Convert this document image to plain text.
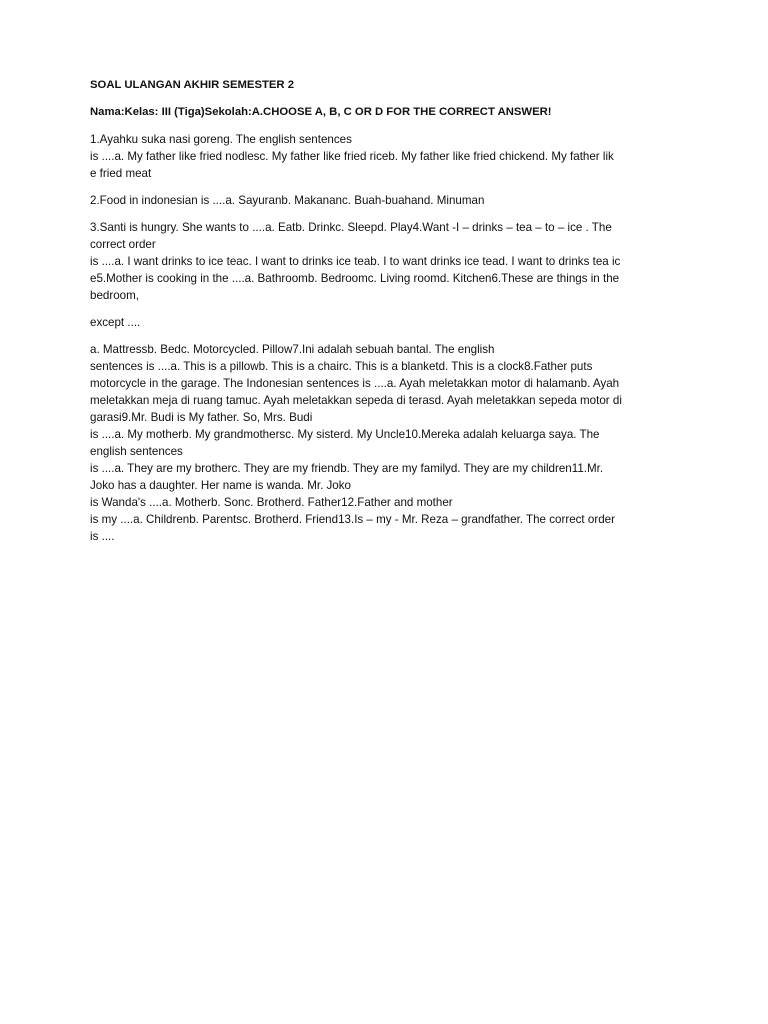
SOAL ULANGAN AKHIR SEMESTER 2
Nama:Kelas: III (Tiga)Sekolah:A.CHOOSE A, B, C OR D FOR THE CORRECT ANSWER!
1.Ayahku suka nasi goreng. The english sentences
is ....a. My father like fried nodlesc. My father like fried riceb. My father like fried chickend. My father lik
e fried meat
2.Food in indonesian is ....a. Sayuranb. Makananc. Buah-buahand. Minuman
3.Santi is hungry. She wants to ....a. Eatb. Drinkc. Sleepd. Play4.Want -I – drinks – tea – to – ice . The
correct order
is ....a. I want drinks to ice teac. I want to drinks ice teab. I to want drinks ice tead. I want to drinks tea ic
e5.Mother is cooking in the ....a. Bathroomb. Bedroomc. Living roomd. Kitchen6.These are things in the
bedroom,
except ....
a. Mattressb. Bedc. Motorcycled. Pillow7.Ini adalah sebuah bantal. The english
sentences is ....a. This is a pillowb. This is a chairc. This is a blanketd. This is a clock8.Father puts
motorcycle in the garage. The Indonesian sentences is ....a. Ayah meletakkan motor di halamanb. Ayah
meletakkan meja di ruang tamuc. Ayah meletakkan sepeda di terasd. Ayah meletakkan sepeda motor di
garasi9.Mr. Budi is My father. So, Mrs. Budi
is ....a. My motherb. My grandmothersc. My sisterd. My Uncle10.Mereka adalah keluarga saya. The
english sentences
is ....a. They are my brotherc. They are my friendb. They are my familyd. They are my children11.Mr.
Joko has a daughter. Her name is wanda. Mr. Joko
is Wanda's ....a. Motherb. Sonc. Brotherd. Father12.Father and mother
is my ....a. Childrenb. Parentsc. Brotherd. Friend13.Is – my - Mr. Reza – grandfather. The correct order
is ....
